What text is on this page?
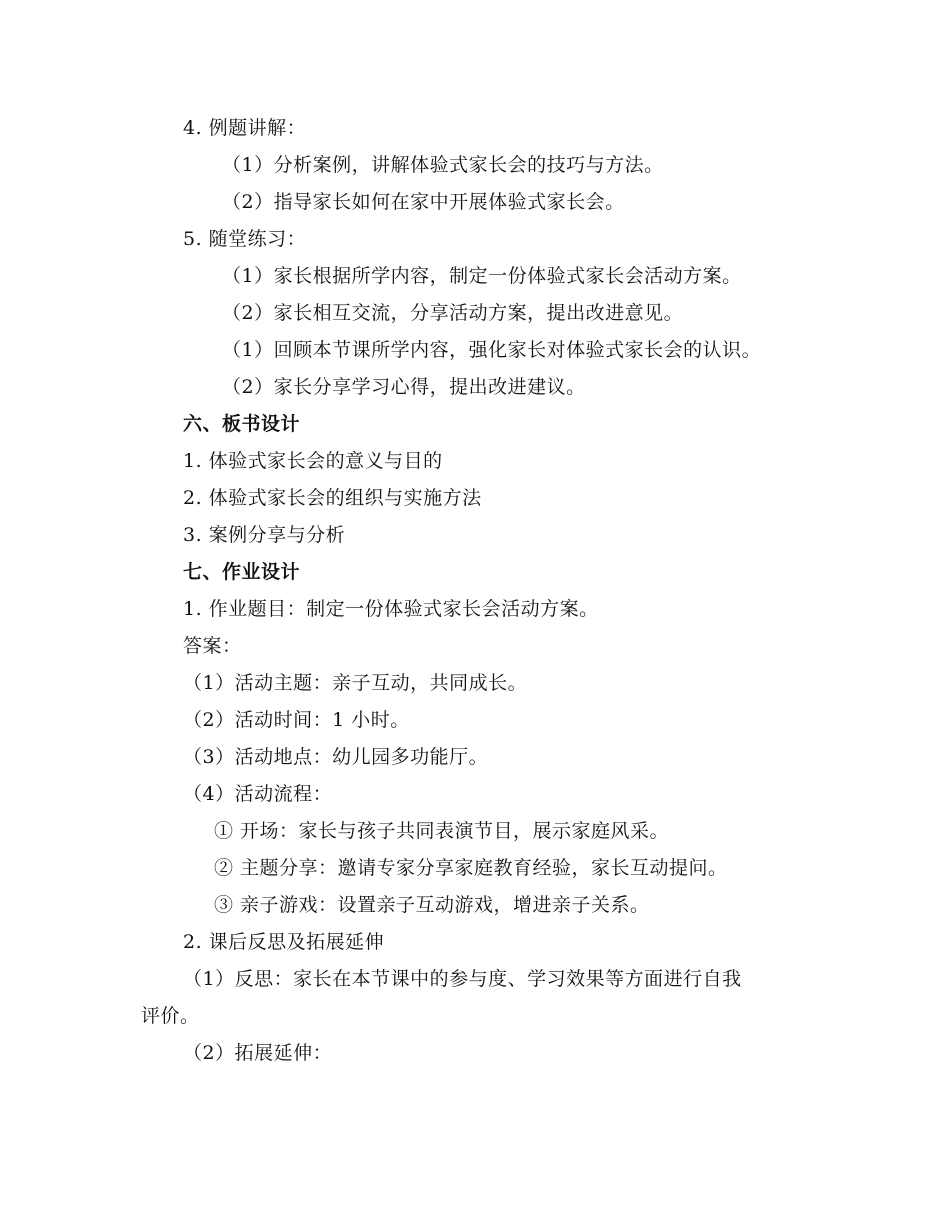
4. 例题讲解：
（1）分析案例，讲解体验式家长会的技巧与方法。
（2）指导家长如何在家中开展体验式家长会。
5. 随堂练习：
（1）家长根据所学内容，制定一份体验式家长会活动方案。
（2）家长相互交流，分享活动方案，提出改进意见。
（1）回顾本节课所学内容，强化家长对体验式家长会的认识。
（2）家长分享学习心得，提出改进建议。
六、板书设计
1. 体验式家长会的意义与目的
2. 体验式家长会的组织与实施方法
3. 案例分享与分析
七、作业设计
1. 作业题目：制定一份体验式家长会活动方案。
答案：
（1）活动主题：亲子互动，共同成长。
（2）活动时间：1 小时。
（3）活动地点：幼儿园多功能厅。
（4）活动流程：
① 开场：家长与孩子共同表演节目，展示家庭风采。
② 主题分享：邀请专家分享家庭教育经验，家长互动提问。
③ 亲子游戏：设置亲子互动游戏，增进亲子关系。
2. 课后反思及拓展延伸
（1）反思：家长在本节课中的参与度、学习效果等方面进行自我
评价。
（2）拓展延伸：
